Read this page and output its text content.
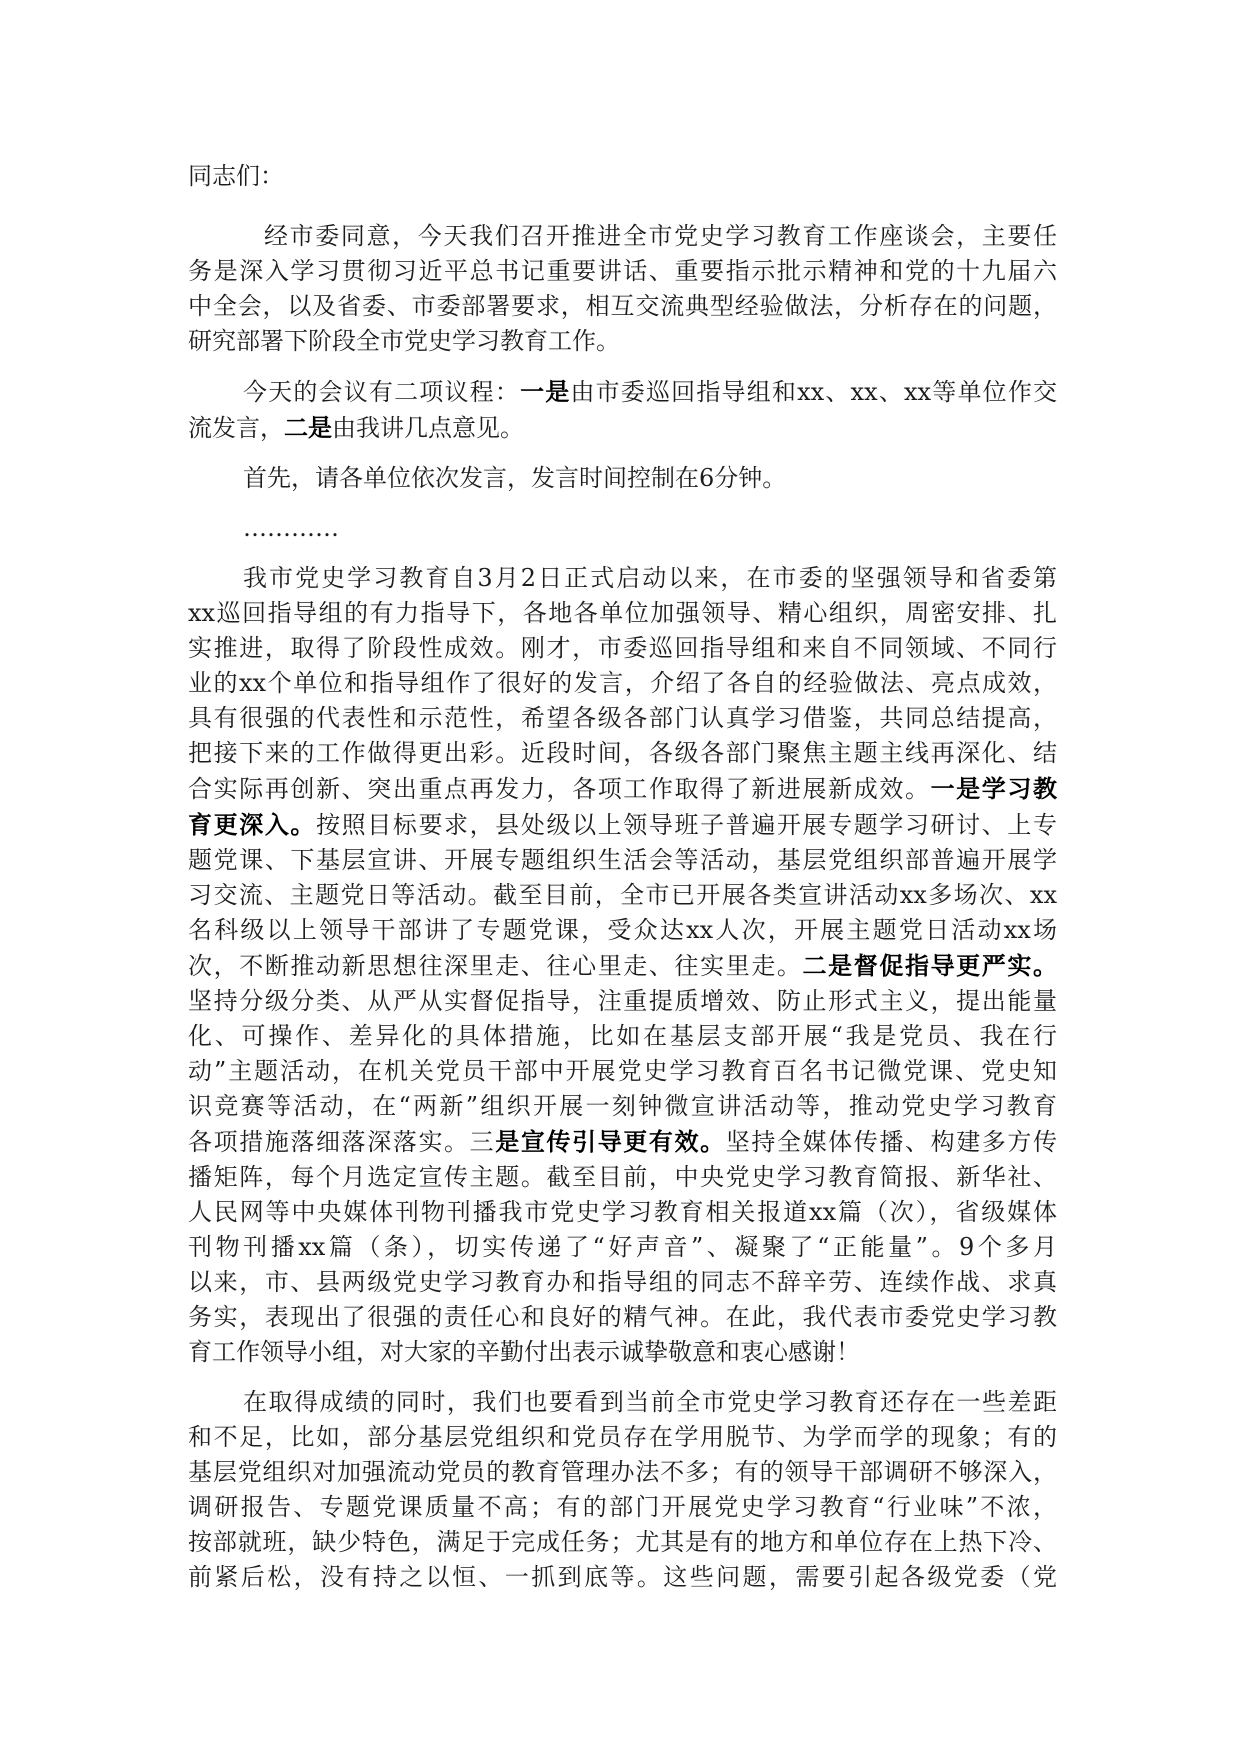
同志们：
经市委同意，今天我们召开推进全市党史学习教育工作座谈会，主要任
务是深入学习贯彻习近平总书记重要讲话、重要指示批示精神和党的十九届六
中全会，以及省委、市委部署要求，相互交流典型经验做法，分析存在的问题，
研究部署下阶段全市党史学习教育工作。
今天的会议有二项议程：一是由市委巡回指导组和xx、xx、xx等单位作交
流发言，二是由我讲几点意见。
首先，请各单位依次发言，发言时间控制在6分钟。
…………
我市党史学习教育自3月2日正式启动以来，在市委的坚强领导和省委第
xx巡回指导组的有力指导下，各地各单位加强领导、精心组织，周密安排、扎
实推进，取得了阶段性成效。刚才，市委巡回指导组和来自不同领域、不同行
业的xx个单位和指导组作了很好的发言，介绍了各自的经验做法、亮点成效，
具有很强的代表性和示范性，希望各级各部门认真学习借鉴，共同总结提高，
把接下来的工作做得更出彩。近段时间，各级各部门聚焦主题主线再深化、结
合实际再创新、突出重点再发力，各项工作取得了新进展新成效。一是学习教
育更深入。按照目标要求，县处级以上领导班子普遍开展专题学习研讨、上专
题党课、下基层宣讲、开展专题组织生活会等活动，基层党组织部普遍开展学
习交流、主题党日等活动。截至目前，全市已开展各类宣讲活动xx多场次、xx
名科级以上领导干部讲了专题党课，受众达xx人次，开展主题党日活动xx场
次，不断推动新思想往深里走、往心里走、往实里走。二是督促指导更严实。
坚持分级分类、从严从实督促指导，注重提质增效、防止形式主义，提出能量
化、可操作、差异化的具体措施，比如在基层支部开展“我是党员、我在行
动”主题活动，在机关党员干部中开展党史学习教育百名书记微党课、党史知
识竞赛等活动，在“两新”组织开展一刻钟微宣讲活动等，推动党史学习教育
各项措施落细落深落实。三是宣传引导更有效。坚持全媒体传播、构建多方传
播矩阵，每个月选定宣传主题。截至目前，中央党史学习教育简报、新华社、
人民网等中央媒体刊物刊播我市党史学习教育相关报道xx篇（次），省级媒体
刊物刊播xx篇（条），切实传递了“好声音”、凝聚了“正能量”。9个多月
以来，市、县两级党史学习教育办和指导组的同志不辞辛劳、连续作战、求真
务实，表现出了很强的责任心和良好的精气神。在此，我代表市委党史学习教
育工作领导小组，对大家的辛勤付出表示诚挚敬意和衷心感谢！
在取得成绩的同时，我们也要看到当前全市党史学习教育还存在一些差距
和不足，比如，部分基层党组织和党员存在学用脱节、为学而学的现象；有的
基层党组织对加强流动党员的教育管理办法不多；有的领导干部调研不够深入，
调研报告、专题党课质量不高；有的部门开展党史学习教育“行业味”不浓，
按部就班，缺少特色，满足于完成任务；尤其是有的地方和单位存在上热下冷、
前紧后松，没有持之以恒、一抓到底等。这些问题，需要引起各级党委（党
